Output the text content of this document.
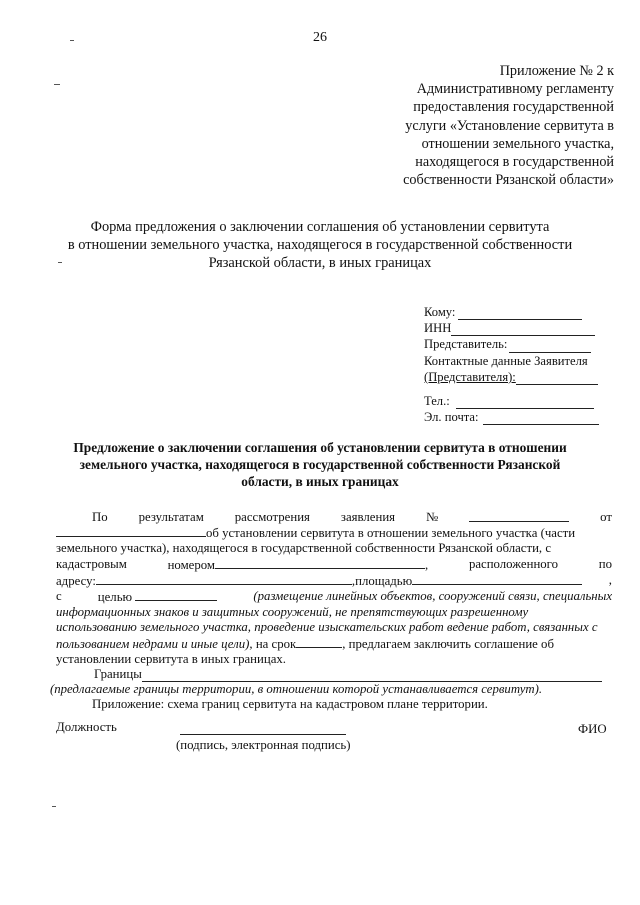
26
Приложение № 2 к
Административному регламенту
предоставления государственной
услуги «Установление сервитута в
отношении земельного участка,
находящегося в государственной
собственности Рязанской области»
Форма предложения о заключении соглашения об установлении сервитута
в отношении земельного участка, находящегося в государственной собственности
Рязанской области, в иных границах
Кому:
ИНН
Представитель:
Контактные данные Заявителя
(Представителя):
Тел.:
Эл. почта:
Предложение о заключении соглашения об установлении сервитута в отношении
земельного участка, находящегося в государственной собственности Рязанской
области, в иных границах
По результатам рассмотрения заявления №	от
об установлении сервитута в отношении земельного участка (части
земельного участка), находящегося в государственной собственности Рязанской области, с
кадастровым	номером	,	расположенного	по
адресу:	,площадью	,
с	целью	(размещение линейных объектов, сооружений связи, специальных
информационных знаков и защитных сооружений, не препятствующих разрешенному
использованию земельного участка, проведение изыскательских работ ведение работ, связанных с
пользованием недрами и иные цели), на срок	, предлагаем заключить соглашение об
установлении сервитута в иных границах.
Границы
(предлагаемые границы территории, в отношении которой устанавливается сервитут).
Приложение: схема границ сервитута на кадастровом плане территории.
Должность	ФИО
(подпись, электронная подпись)
